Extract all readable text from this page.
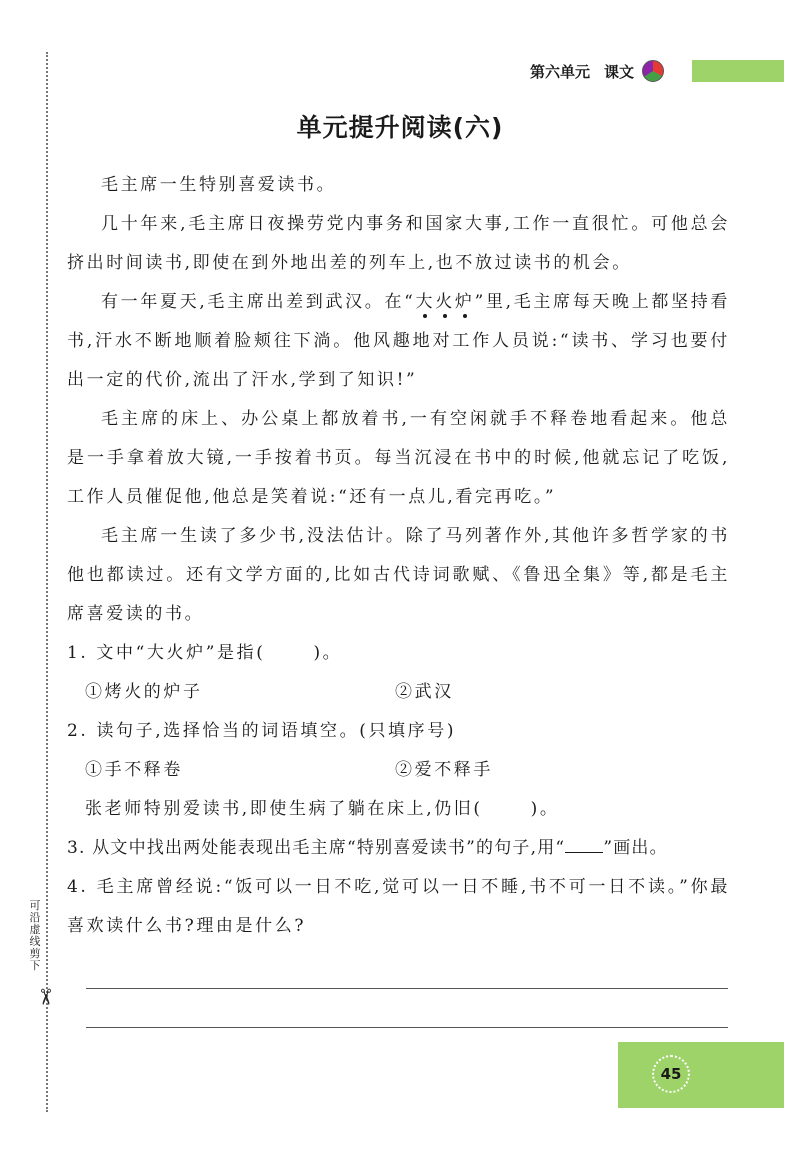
可
沿
虚
线
剪
下
✂
第六单元 课文
单元提升阅读(六)

毛主席一生特别喜爱读书。

几十年来,毛主席日夜操劳党内事务和国家大事,工作一直很忙。可他总会挤出时间读书,即使在到外地出差的列车上,也不放过读书的机会。

有一年夏天,毛主席出差到武汉。在“大火炉”里,毛主席每天晚上都坚持看书,汗水不断地顺着脸颊往下淌。他风趣地对工作人员说:“读书、学习也要付出一定的代价,流出了汗水,学到了知识!”

毛主席的床上、办公桌上都放着书,一有空闲就手不释卷地看起来。他总是一手拿着放大镜,一手按着书页。每当沉浸在书中的时候,他就忘记了吃饭,工作人员催促他,他总是笑着说:“还有一点儿,看完再吃。”

毛主席一生读了多少书,没法估计。除了马列著作外,其他许多哲学家的书他也都读过。还有文学方面的,比如古代诗词歌赋、《鲁迅全集》等,都是毛主席喜爱读的书。

1. 文中“大火炉”是指(	)。

①烤火的炉子	②武汉

2. 读句子,选择恰当的词语填空。(只填序号)

①手不释卷	②爱不释手

张老师特别爱读书,即使生病了躺在床上,仍旧(	)。

3. 从文中找出两处能表现出毛主席“特别喜爱读书”的句子,用“ ”画出。

4. 毛主席曾经说:“饭可以一日不吃,觉可以一日不睡,书不可一日不读。”你最喜欢读什么书?理由是什么?

45
